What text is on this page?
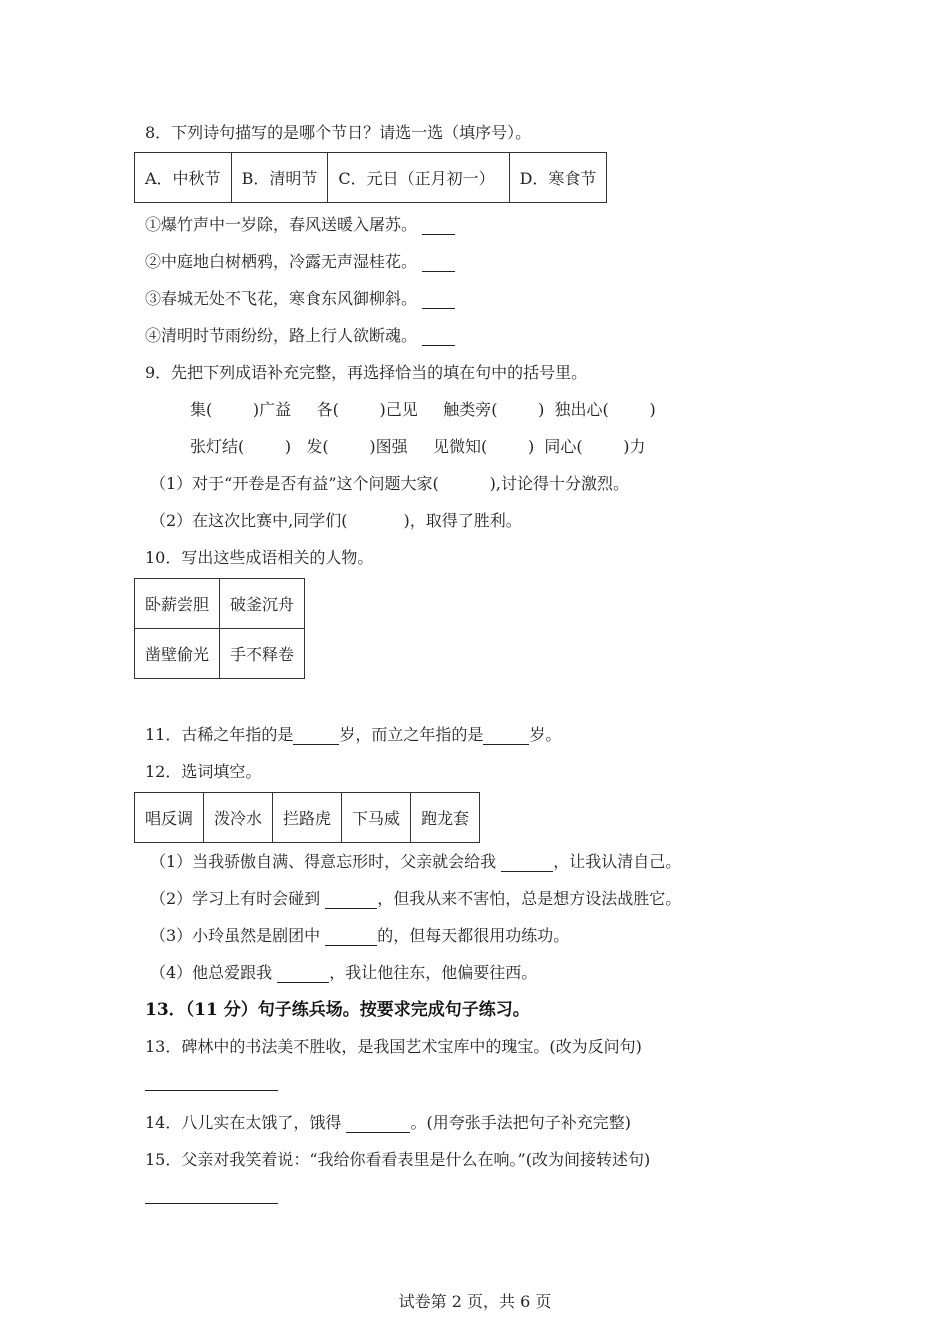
8．下列诗句描写的是哪个节日？请选一选（填序号）。
A．中秋节	B．清明节	C．元日（正月初一）	D．寒食节
①爆竹声中一岁除，春风送暖入屠苏。
②中庭地白树栖鸦，冷露无声湿桂花。
③春城无处不飞花，寒食东风御柳斜。
④清明时节雨纷纷，路上行人欲断魂。
9．先把下列成语补充完整，再选择恰当的填在句中的括号里。
集(        )广益     各(        )己见     触类旁(        )  独出心(        )
张灯结(        )   发(        )图强     见微知(        )  同心(        )力
（1）对于“开卷是否有益”这个问题大家(          ),讨论得十分激烈。
（2）在这次比赛中,同学们(           )，取得了胜利。
10．写出这些成语相关的人物。
卧薪尝胆	破釜沉舟
凿壁偷光	手不释卷
11．古稀之年指的是	岁，而立之年指的是	岁。
12．选词填空。
唱反调	泼冷水	拦路虎	下马威	跑龙套
（1）当我骄傲自满、得意忘形时，父亲就会给我	，让我认清自己。
（2）学习上有时会碰到	，但我从来不害怕，总是想方设法战胜它。
（3）小玲虽然是剧团中	的，但每天都很用功练功。
（4）他总爱跟我	，我让他往东，他偏要往西。
13．（11 分）句子练兵场。按要求完成句子练习。
13．碑林中的书法美不胜收，是我国艺术宝库中的瑰宝。(改为反问句)
14．八儿实在太饿了，饿得	。(用夸张手法把句子补充完整)
15．父亲对我笑着说：“我给你看看表里是什么在响。”(改为间接转述句)
试卷第 2 页，共 6 页
